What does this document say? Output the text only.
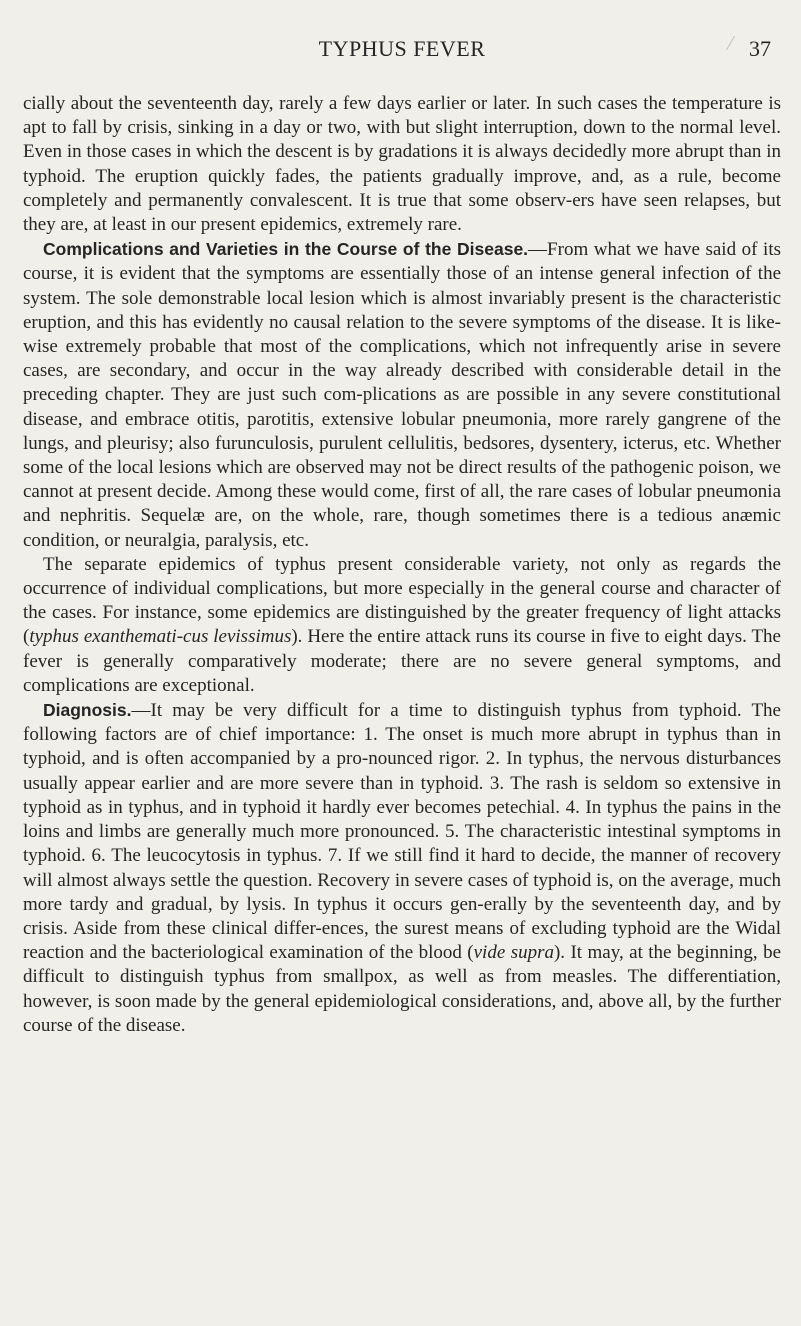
TYPHUS FEVER	37

cially about the seventeenth day, rarely a few days earlier or later. In such cases the temperature is apt to fall by crisis, sinking in a day or two, with but slight interruption, down to the normal level. Even in those cases in which the descent is by gradations it is always decidedly more abrupt than in typhoid. The eruption quickly fades, the patients gradually improve, and, as a rule, become completely and permanently convalescent. It is true that some observ-ers have seen relapses, but they are, at least in our present epidemics, extremely rare.

Complications and Varieties in the Course of the Disease.—From what we have said of its course, it is evident that the symptoms are essentially those of an intense general infection of the system. The sole demonstrable local lesion which is almost invariably present is the characteristic eruption, and this has evidently no causal relation to the severe symptoms of the disease. It is like-wise extremely probable that most of the complications, which not infrequently arise in severe cases, are secondary, and occur in the way already described with considerable detail in the preceding chapter. They are just such com-plications as are possible in any severe constitutional disease, and embrace otitis, parotitis, extensive lobular pneumonia, more rarely gangrene of the lungs, and pleurisy; also furunculosis, purulent cellulitis, bedsores, dysentery, icterus, etc. Whether some of the local lesions which are observed may not be direct results of the pathogenic poison, we cannot at present decide. Among these would come, first of all, the rare cases of lobular pneumonia and nephritis. Sequelæ are, on the whole, rare, though sometimes there is a tedious anæmic condition, or neuralgia, paralysis, etc.

The separate epidemics of typhus present considerable variety, not only as regards the occurrence of individual complications, but more especially in the general course and character of the cases. For instance, some epidemics are distinguished by the greater frequency of light attacks (typhus exanthemati-cus levissimus). Here the entire attack runs its course in five to eight days. The fever is generally comparatively moderate; there are no severe general symptoms, and complications are exceptional.

Diagnosis.—It may be very difficult for a time to distinguish typhus from typhoid. The following factors are of chief importance: 1. The onset is much more abrupt in typhus than in typhoid, and is often accompanied by a pro-nounced rigor. 2. In typhus, the nervous disturbances usually appear earlier and are more severe than in typhoid. 3. The rash is seldom so extensive in typhoid as in typhus, and in typhoid it hardly ever becomes petechial. 4. In typhus the pains in the loins and limbs are generally much more pronounced. 5. The characteristic intestinal symptoms in typhoid. 6. The leucocytosis in typhus. 7. If we still find it hard to decide, the manner of recovery will almost always settle the question. Recovery in severe cases of typhoid is, on the average, much more tardy and gradual, by lysis. In typhus it occurs gen-erally by the seventeenth day, and by crisis. Aside from these clinical differ-ences, the surest means of excluding typhoid are the Widal reaction and the bacteriological examination of the blood (vide supra). It may, at the beginning, be difficult to distinguish typhus from smallpox, as well as from measles. The differentiation, however, is soon made by the general epidemiological considerations, and, above all, by the further course of the disease.
